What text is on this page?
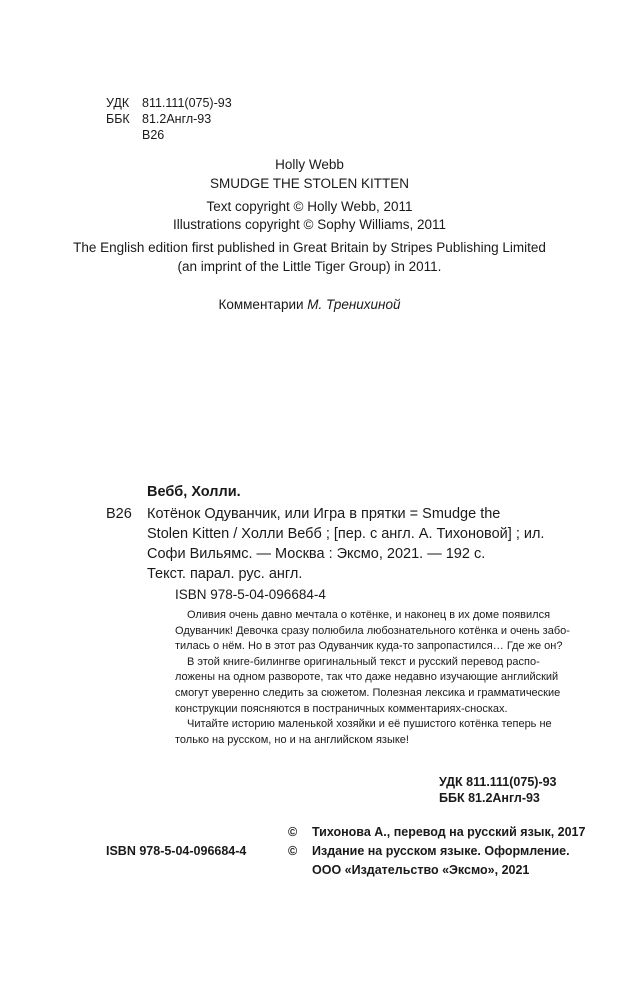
УДК	811.111(075)-93
ББК 81.2Англ-93
В26
Holly Webb
SMUDGE THE STOLEN KITTEN
Text copyright © Holly Webb, 2011
Illustrations copyright © Sophy Williams, 2011
The English edition first published in Great Britain by Stripes Publishing Limited
(an imprint of the Little Tiger Group) in 2011.
Комментарии М. Тренихиной
Вебб, Холли.
В26 Котёнок Одуванчик, или Игра в прятки = Smudge the
Stolen Kitten / Холли Вебб ; [пер. с англ. А. Тихоновой] ; ил.
Софи Вильямс. — Москва : Эксмо, 2021. — 192 с.
Текст. парал. рус. англ.
ISBN 978-5-04-096684-4

Оливия очень давно мечтала о котёнке, и наконец в их доме появился

Одуванчик! Девочка сразу полюбила любознательного котёнка и очень забо-

тилась о нём. Но в этот раз Одуванчик куда-то запропастился… Где же он?

В этой книге-билингве оригинальный текст и русский перевод распо-

ложены на одном развороте, так что даже недавно изучающие английский

смогут уверенно следить за сюжетом. Полезная лексика и грамматические

конструкции поясняются в постраничных комментариях-сносках.

Читайте историю маленькой хозяйки и её пушистого котёнка теперь не

только на русском, но и на английском языке!

УДК 811.111(075)-93
ББК 81.2Англ-93
©	Тихонова А., перевод на русский язык, 2017
©	Издание на русском языке. Оформление.
ООО «Издательство «Эксмо», 2021
ISBN 978-5-04-096684-4
